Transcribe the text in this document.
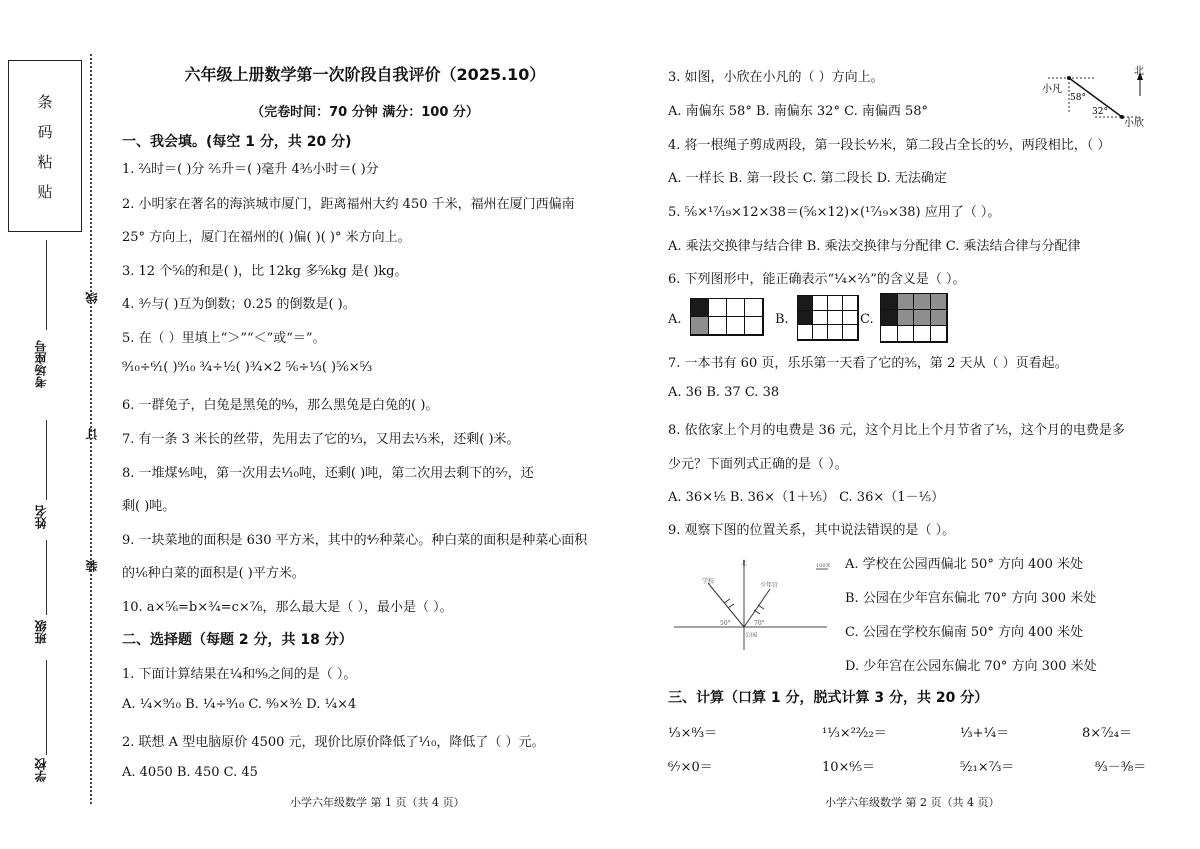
条
码
粘
贴
考场座号
姓名
班级
学校
线
订
装
六年级上册数学第一次阶段自我评价（2025.10）
（完卷时间：70 分钟 满分：100 分）
一、我会填。(每空 1 分，共 20 分)
1. ²⁄₃时＝( )分 ²⁄₅升＝( )毫升 4³⁄₅小时＝( )分
2. 小明家在著名的海滨城市厦门，距离福州大约 450 千米，福州在厦门西偏南
25° 方向上，厦门在福州的( )偏( )( )° 米方向上。
3. 12 个⁵⁄₆的和是( )，比 12kg 多⁵⁄₆kg 是( )kg。
4. ³⁄₇与( )互为倒数；0.25 的倒数是( )。
5. 在（ ）里填上“＞”“＜”或“＝”。
⁹⁄₁₀÷⁶⁄₁( )⁹⁄₁₀ ³⁄₄÷¹⁄₂( )³⁄₄×2 ⁵⁄₆÷¹⁄₃( )⁵⁄₆×⁵⁄₃
6. 一群兔子，白兔是黑兔的⁸⁄₉，那么黑兔是白兔的( )。
7. 有一条 3 米长的丝带，先用去了它的¹⁄₃，又用去¹⁄₃米，还剩( )米。
8. 一堆煤⁴⁄₅吨，第一次用去¹⁄₁₀吨，还剩( )吨，第二次用去剩下的²⁄₇，还
剩( )吨。
9. 一块菜地的面积是 630 平方米，其中的⁴⁄₇种菜心。种白菜的面积是种菜心面积
的¹⁄₆种白菜的面积是( )平方米。
10. a×⁵⁄₆=b×³⁄₄=c×⁷⁄₈，那么最大是（ ），最小是（ ）。
二、选择题（每题 2 分，共 18 分）
1. 下面计算结果在¹⁄₄和⁸⁄₉之间的是（ ）。
A. ¹⁄₄×⁹⁄₁₀ B. ¹⁄₄÷⁹⁄₁₀ C. ⁸⁄₉×³⁄₂ D. ¹⁄₄×4
2. 联想 A 型电脑原价 4500 元，现价比原价降低了¹⁄₁₀，降低了（ ）元。
A. 4050 B. 450 C. 45
小学六年级数学 第 1 页（共 4 页）
3. 如图，小欣在小凡的（ ）方向上。
A. 南偏东 58° B. 南偏东 32° C. 南偏西 58°
北
小凡
58°
32°
小欣
4. 将一根绳子剪成两段，第一段长⁴⁄₇米，第二段占全长的⁴⁄₇，两段相比，（ ）
A. 一样长 B. 第一段长 C. 第二段长 D. 无法确定
5. ⁵⁄₆×¹⁷⁄₁₉×12×38＝(⁵⁄₆×12)×(¹⁷⁄₁₉×38) 应用了（ ）。
A. 乘法交换律与结合律 B. 乘法交换律与分配律 C. 乘法结合律与分配律
6. 下列图形中，能正确表示“¹⁄₄×²⁄₃”的含义是（ ）。
A.	B.	C.
7. 一本书有 60 页，乐乐第一天看了它的³⁄₅，第 2 天从（ ）页看起。
A. 36 B. 37 C. 38
8. 依依家上个月的电费是 36 元，这个月比上个月节省了¹⁄₅，这个月的电费是多
少元？下面列式正确的是（ ）。
A. 36×¹⁄₅ B. 36×（1＋¹⁄₅） C. 36×（1－¹⁄₅）
9. 观察下图的位置关系，其中说法错误的是（ ）。
北
学校
少年宫
50°	70°
公园
100米 A. 学校在公园西偏北 50° 方向 400 米处
B. 公园在少年宫东偏北 70° 方向 300 米处
C. 公园在学校东偏南 50° 方向 400 米处
D. 少年宫在公园东偏北 70° 方向 300 米处
三、计算（口算 1 分，脱式计算 3 分，共 20 分）
¹⁄₃×⁸⁄₃＝	¹¹⁄₃×²²⁄₂₂＝	¹⁄₃+¹⁄₄＝	8×⁷⁄₂₄＝
⁶⁄₇×0＝	10×⁶⁄₅＝	⁵⁄₂₁×⁷⁄₃＝	⁸⁄₃－³⁄₈＝
小学六年级数学 第 2 页（共 4 页）
